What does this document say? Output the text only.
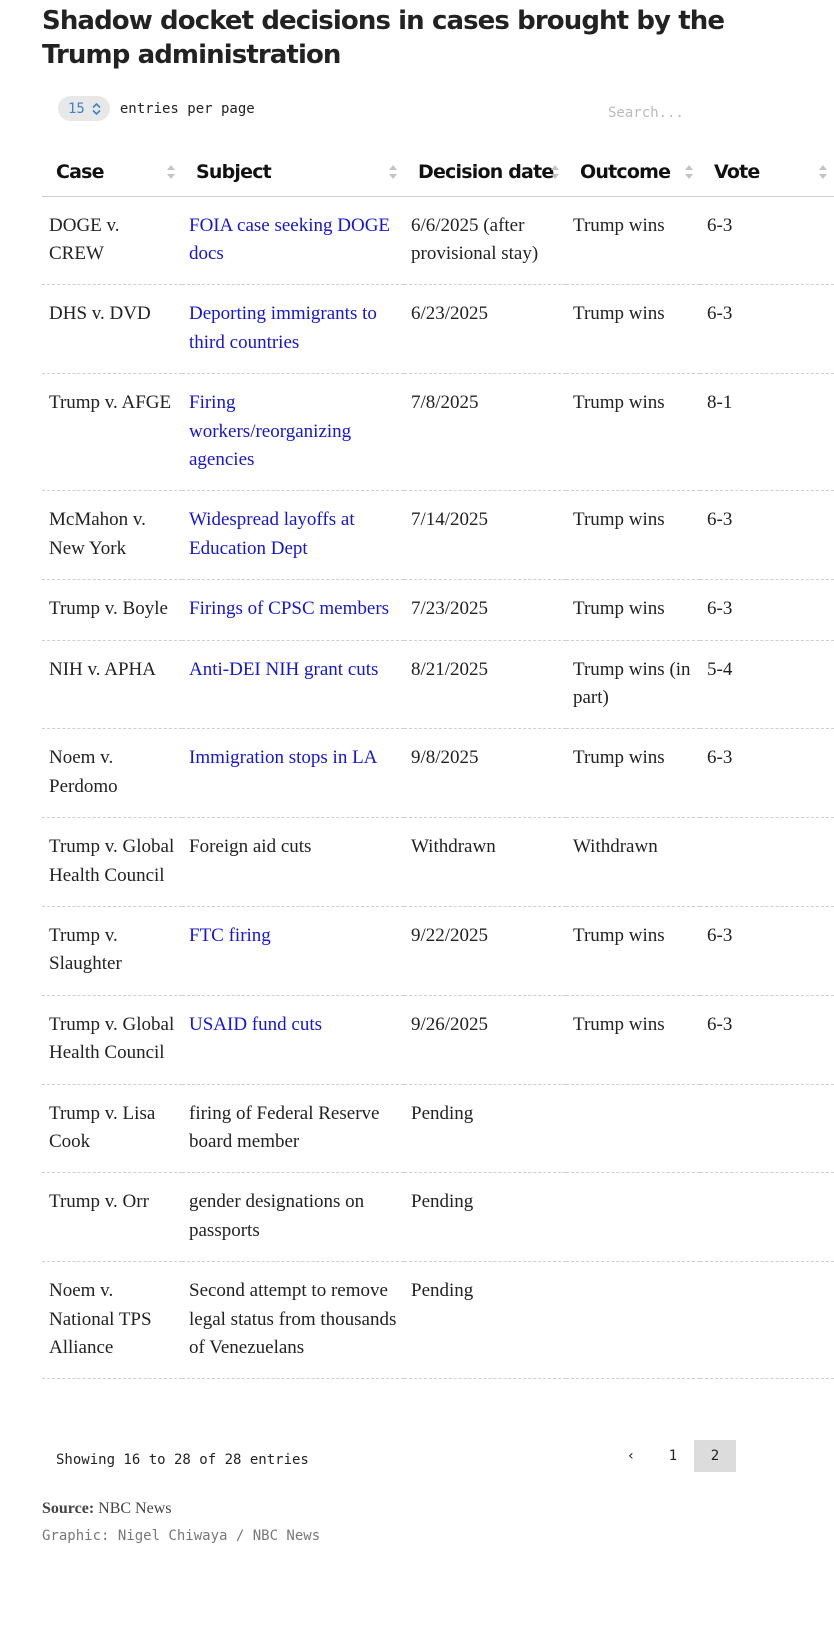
Shadow docket decisions in cases brought by the Trump administration
15	entries per page
Search...
Case	Subject	Decision date	Outcome	Vote

DOGE v. CREW	FOIA case seeking DOGE docs	6/6/2025 (after provisional stay)	Trump wins	6-3
DHS v. DVD	Deporting immigrants to third countries	6/23/2025	Trump wins	6-3
Trump v. AFGE	Firing workers/reorganizing agencies	7/8/2025	Trump wins	8-1
McMahon v. New York	Widespread layoffs at Education Dept	7/14/2025	Trump wins	6-3
Trump v. Boyle	Firings of CPSC members	7/23/2025	Trump wins	6-3
NIH v. APHA	Anti-DEI NIH grant cuts	8/21/2025	Trump wins (in part)	5-4
Noem v. Perdomo	Immigration stops in LA	9/8/2025	Trump wins	6-3
Trump v. Global Health Council	Foreign aid cuts	Withdrawn	Withdrawn	
Trump v. Slaughter	FTC firing	9/22/2025	Trump wins	6-3
Trump v. Global Health Council	USAID fund cuts	9/26/2025	Trump wins	6-3
Trump v. Lisa Cook	firing of Federal Reserve board member	Pending		
Trump v. Orr	gender designations on passports	Pending		
Noem v. National TPS Alliance	Second attempt to remove legal status from thousands of Venezuelans	Pending		
Showing 16 to 28 of 28 entries	‹	1	2
Source: NBC News
Graphic: Nigel Chiwaya / NBC News
